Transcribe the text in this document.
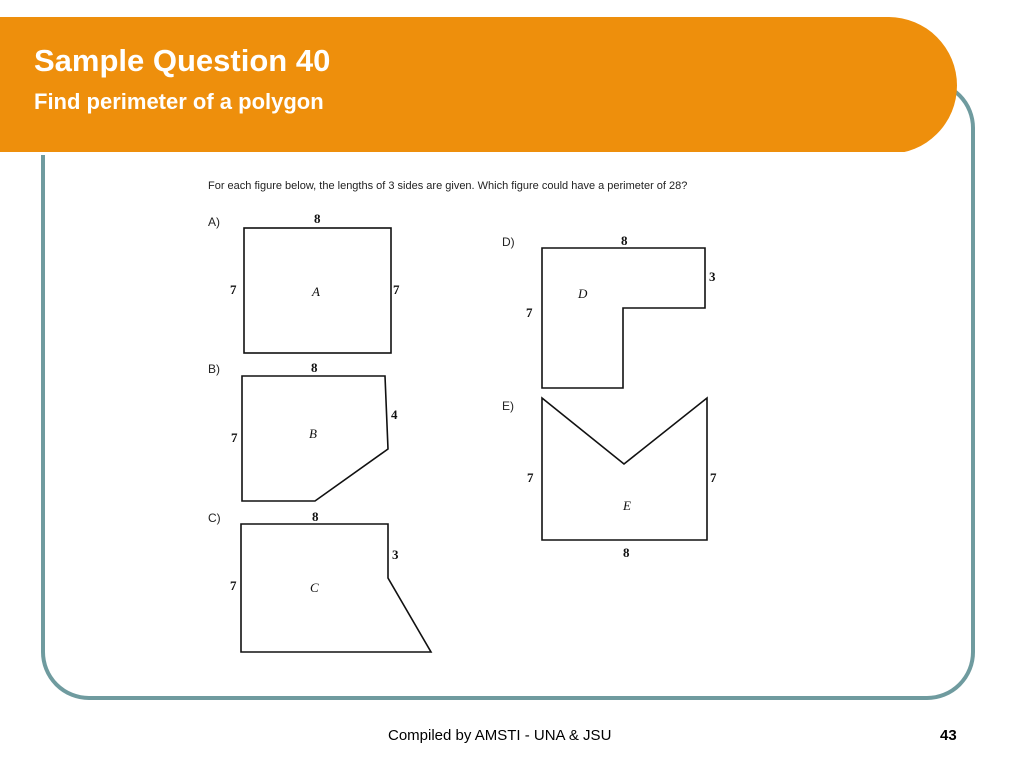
Sample Question 40
Find perimeter of a polygon
For each figure below, the lengths of 3 sides are given. Which figure could have a perimeter of 28?
A)	8
7	7
A
B)	8
7
4
B
C)	8
7
3
C
D)	8
7
3
D
E)
7	7
8
E
Compiled by AMSTI - UNA & JSU	43
